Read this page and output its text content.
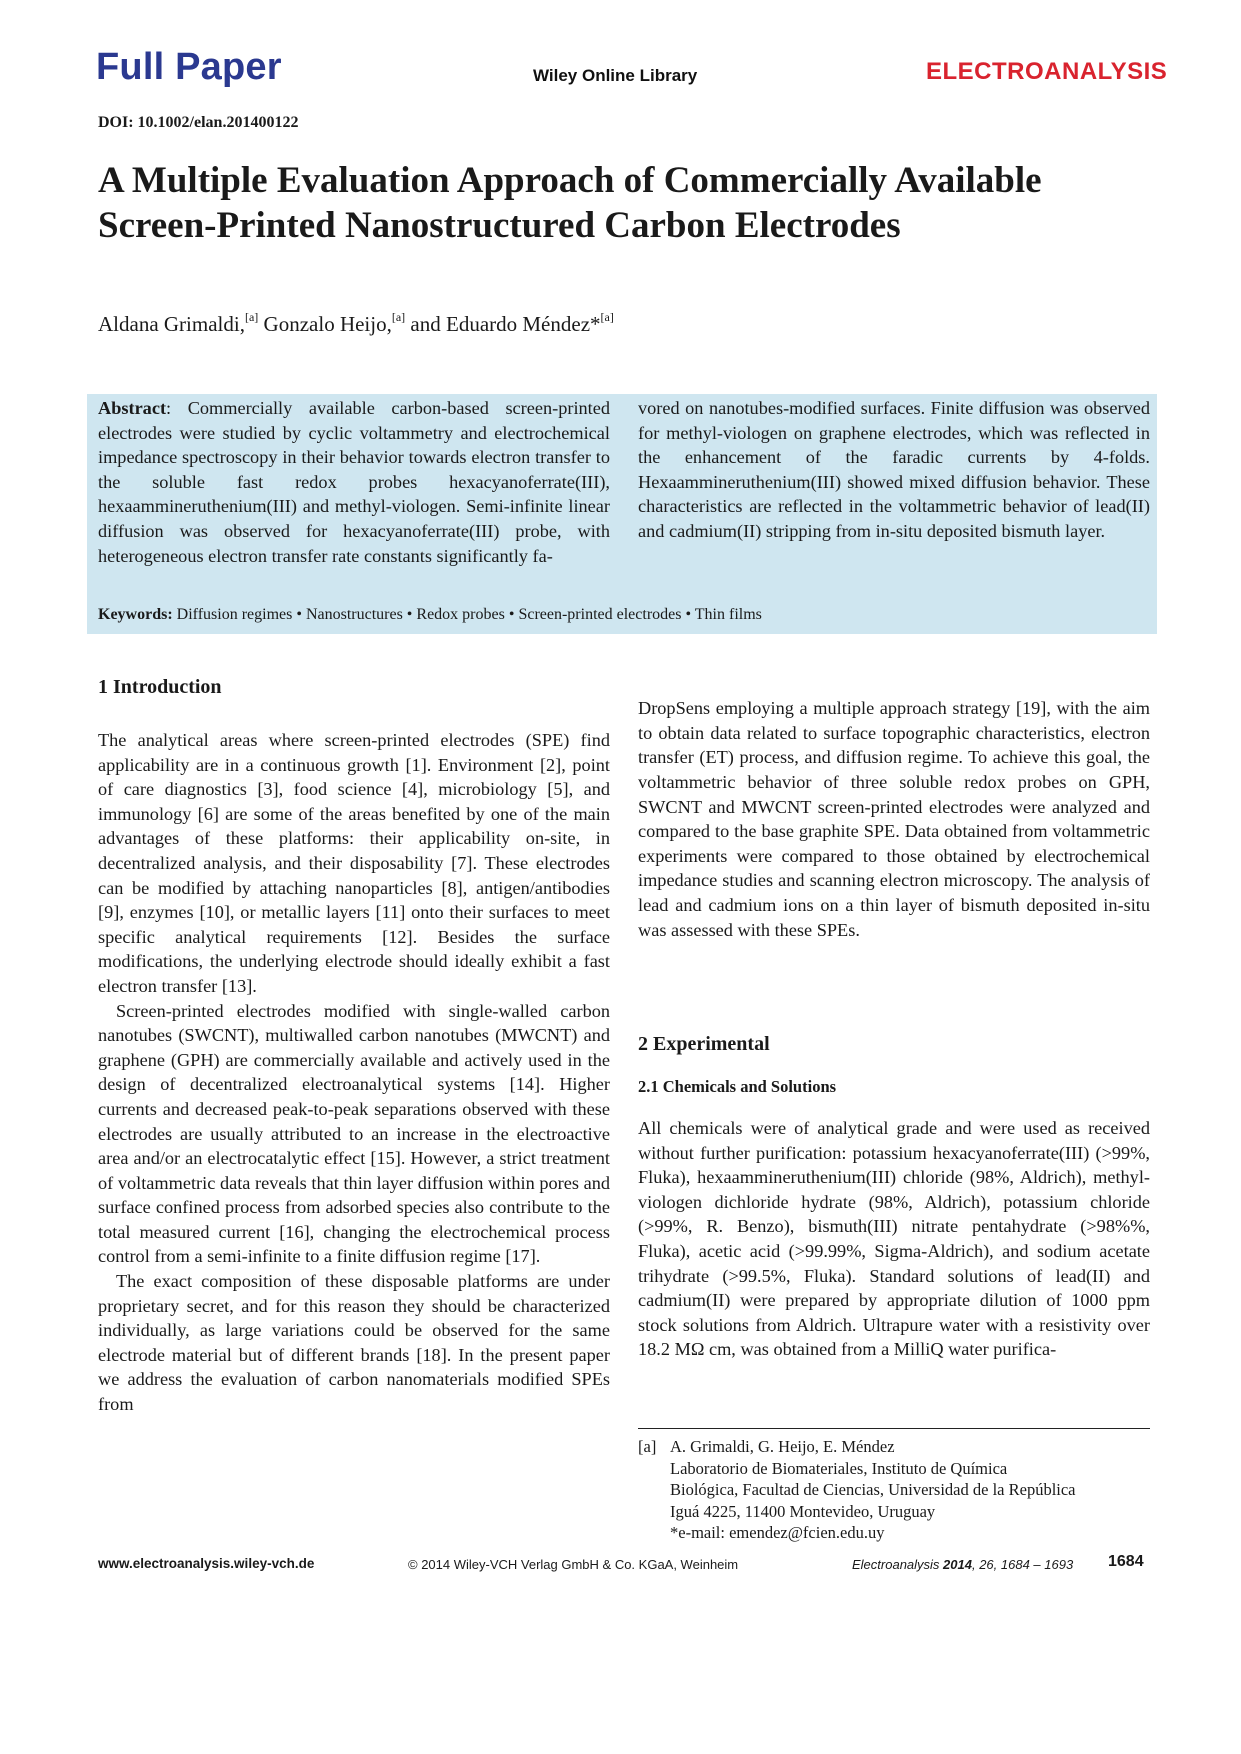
Full Paper	Wiley Online Library	ELECTROANALYSIS
DOI: 10.1002/elan.201400122
A Multiple Evaluation Approach of Commercially Available Screen-Printed Nanostructured Carbon Electrodes
Aldana Grimaldi,[a] Gonzalo Heijo,[a] and Eduardo Méndez*[a]
Abstract: Commercially available carbon-based screen-printed electrodes were studied by cyclic voltammetry and electrochemical impedance spectroscopy in their behavior towards electron transfer to the soluble fast redox probes hexacyanoferrate(III), hexaammineruthenium(III) and methyl-viologen. Semi-infinite linear diffusion was observed for hexacyanoferrate(III) probe, with heterogeneous electron transfer rate constants significantly fa-
vored on nanotubes-modified surfaces. Finite diffusion was observed for methyl-viologen on graphene electrodes, which was reflected in the enhancement of the faradic currents by 4-folds. Hexaammineruthenium(III) showed mixed diffusion behavior. These characteristics are reflected in the voltammetric behavior of lead(II) and cadmium(II) stripping from in-situ deposited bismuth layer.
Keywords: Diffusion regimes • Nanostructures • Redox probes • Screen-printed electrodes • Thin films
1 Introduction

The analytical areas where screen-printed electrodes (SPE) find applicability are in a continuous growth [1]. Environment [2], point of care diagnostics [3], food science [4], microbiology [5], and immunology [6] are some of the areas benefited by one of the main advantages of these platforms: their applicability on-site, in decentralized analysis, and their disposability [7]. These electrodes can be modified by attaching nanoparticles [8], antigen/antibodies [9], enzymes [10], or metallic layers [11] onto their surfaces to meet specific analytical requirements [12]. Besides the surface modifications, the underlying electrode should ideally exhibit a fast electron transfer [13].

Screen-printed electrodes modified with single-walled carbon nanotubes (SWCNT), multiwalled carbon nanotubes (MWCNT) and graphene (GPH) are commercially available and actively used in the design of decentralized electroanalytical systems [14]. Higher currents and decreased peak-to-peak separations observed with these electrodes are usually attributed to an increase in the electroactive area and/or an electrocatalytic effect [15]. However, a strict treatment of voltammetric data reveals that thin layer diffusion within pores and surface confined process from adsorbed species also contribute to the total measured current [16], changing the electrochemical process control from a semi-infinite to a finite diffusion regime [17].

The exact composition of these disposable platforms are under proprietary secret, and for this reason they should be characterized individually, as large variations could be observed for the same electrode material but of different brands [18]. In the present paper we address the evaluation of carbon nanomaterials modified SPEs from

DropSens employing a multiple approach strategy [19], with the aim to obtain data related to surface topographic characteristics, electron transfer (ET) process, and diffusion regime. To achieve this goal, the voltammetric behavior of three soluble redox probes on GPH, SWCNT and MWCNT screen-printed electrodes were analyzed and compared to the base graphite SPE. Data obtained from voltammetric experiments were compared to those obtained by electrochemical impedance studies and scanning electron microscopy. The analysis of lead and cadmium ions on a thin layer of bismuth deposited in-situ was assessed with these SPEs.

2 Experimental
2.1 Chemicals and Solutions
All chemicals were of analytical grade and were used as received without further purification: potassium hexacyanoferrate(III) (>99%, Fluka), hexaammineruthenium(III) chloride (98%, Aldrich), methyl-viologen dichloride hydrate (98%, Aldrich), potassium chloride (>99%, R. Benzo), bismuth(III) nitrate pentahydrate (>98%%, Fluka), acetic acid (>99.99%, Sigma-Aldrich), and sodium acetate trihydrate (>99.5%, Fluka). Standard solutions of lead(II) and cadmium(II) were prepared by appropriate dilution of 1000 ppm stock solutions from Aldrich. Ultrapure water with a resistivity over 18.2 MΩ cm, was obtained from a MilliQ water purifica-
[a] A. Grimaldi, G. Heijo, E. Méndez
Laboratorio de Biomateriales, Instituto de Química
Biológica, Facultad de Ciencias, Universidad de la República
Iguá 4225, 11400 Montevideo, Uruguay
*e-mail: emendez@fcien.edu.uy
www.electroanalysis.wiley-vch.de	© 2014 Wiley-VCH Verlag GmbH & Co. KGaA, Weinheim	Electroanalysis 2014, 26, 1684 – 1693 1684
